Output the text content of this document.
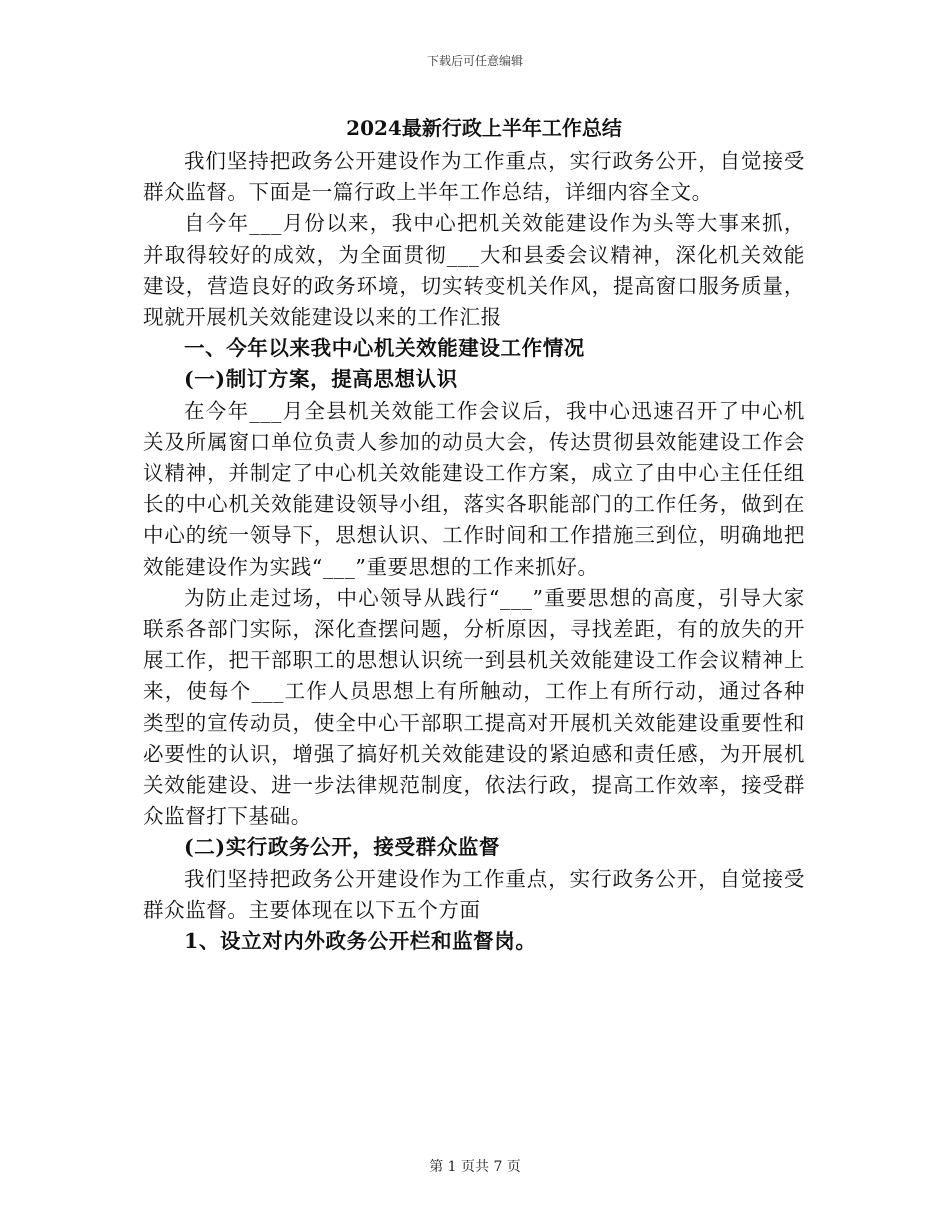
下载后可任意编辑
2024最新行政上半年工作总结

我们坚持把政务公开建设作为工作重点，实行政务公开，自觉接受群众监督。下面是一篇行政上半年工作总结，详细内容全文。

自今年___月份以来，我中心把机关效能建设作为头等大事来抓，并取得较好的成效，为全面贯彻___大和县委会议精神，深化机关效能建设，营造良好的政务环境，切实转变机关作风，提高窗口服务质量，现就开展机关效能建设以来的工作汇报

一、今年以来我中心机关效能建设工作情况

(一)制订方案，提高思想认识

在今年___月全县机关效能工作会议后，我中心迅速召开了中心机关及所属窗口单位负责人参加的动员大会，传达贯彻县效能建设工作会议精神，并制定了中心机关效能建设工作方案，成立了由中心主任任组长的中心机关效能建设领导小组，落实各职能部门的工作任务，做到在中心的统一领导下，思想认识、工作时间和工作措施三到位，明确地把效能建设作为实践“___”重要思想的工作来抓好。

为防止走过场，中心领导从践行“___”重要思想的高度，引导大家联系各部门实际，深化查摆问题，分析原因，寻找差距，有的放失的开展工作，把干部职工的思想认识统一到县机关效能建设工作会议精神上来，使每个___工作人员思想上有所触动，工作上有所行动，通过各种类型的宣传动员，使全中心干部职工提高对开展机关效能建设重要性和必要性的认识，增强了搞好机关效能建设的紧迫感和责任感，为开展机关效能建设、进一步法律规范制度，依法行政，提高工作效率，接受群众监督打下基础。

(二)实行政务公开，接受群众监督

我们坚持把政务公开建设作为工作重点，实行政务公开，自觉接受群众监督。主要体现在以下五个方面

1、设立对内外政务公开栏和监督岗。

第 1 页共 7 页
